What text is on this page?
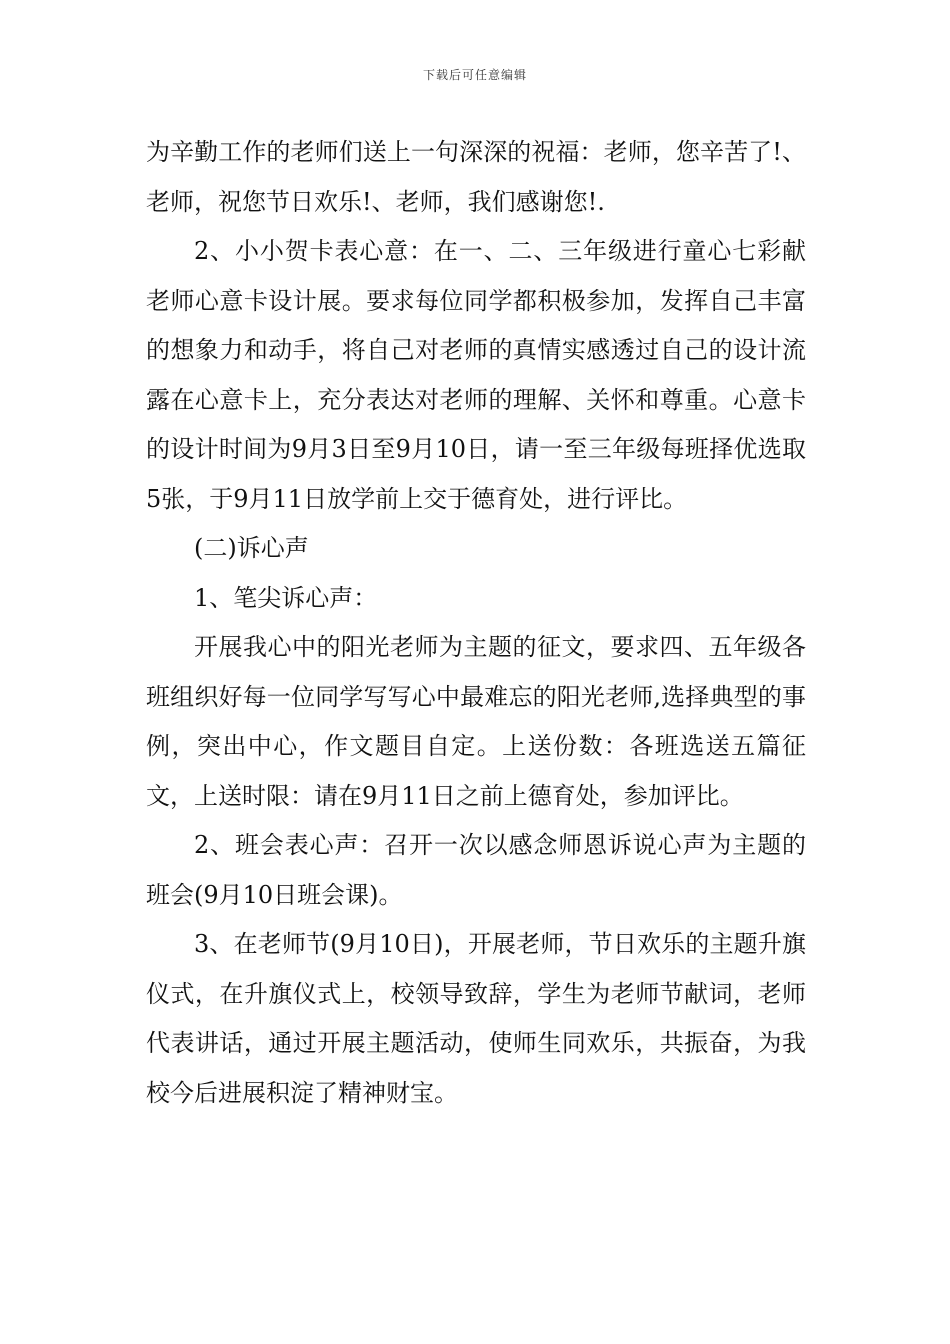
下载后可任意编辑

为辛勤工作的老师们送上一句深深的祝福：老师，您辛苦了!、老师，祝您节日欢乐!、老师，我们感谢您!.

2、小小贺卡表心意：在一、二、三年级进行童心七彩献老师心意卡设计展。要求每位同学都积极参加，发挥自己丰富的想象力和动手，将自己对老师的真情实感透过自己的设计流露在心意卡上，充分表达对老师的理解、关怀和尊重。心意卡的设计时间为9月3日至9月10日，请一至三年级每班择优选取5张，于9月11日放学前上交于德育处，进行评比。

(二)诉心声

1、笔尖诉心声：

开展我心中的阳光老师为主题的征文，要求四、五年级各班组织好每一位同学写写心中最难忘的阳光老师,选择典型的事例，突出中心，作文题目自定。上送份数：各班选送五篇征文，上送时限：请在9月11日之前上德育处，参加评比。

2、班会表心声：召开一次以感念师恩诉说心声为主题的班会(9月10日班会课)。

3、在老师节(9月10日)，开展老师，节日欢乐的主题升旗仪式，在升旗仪式上，校领导致辞，学生为老师节献词，老师代表讲话，通过开展主题活动，使师生同欢乐，共振奋，为我校今后进展积淀了精神财宝。
